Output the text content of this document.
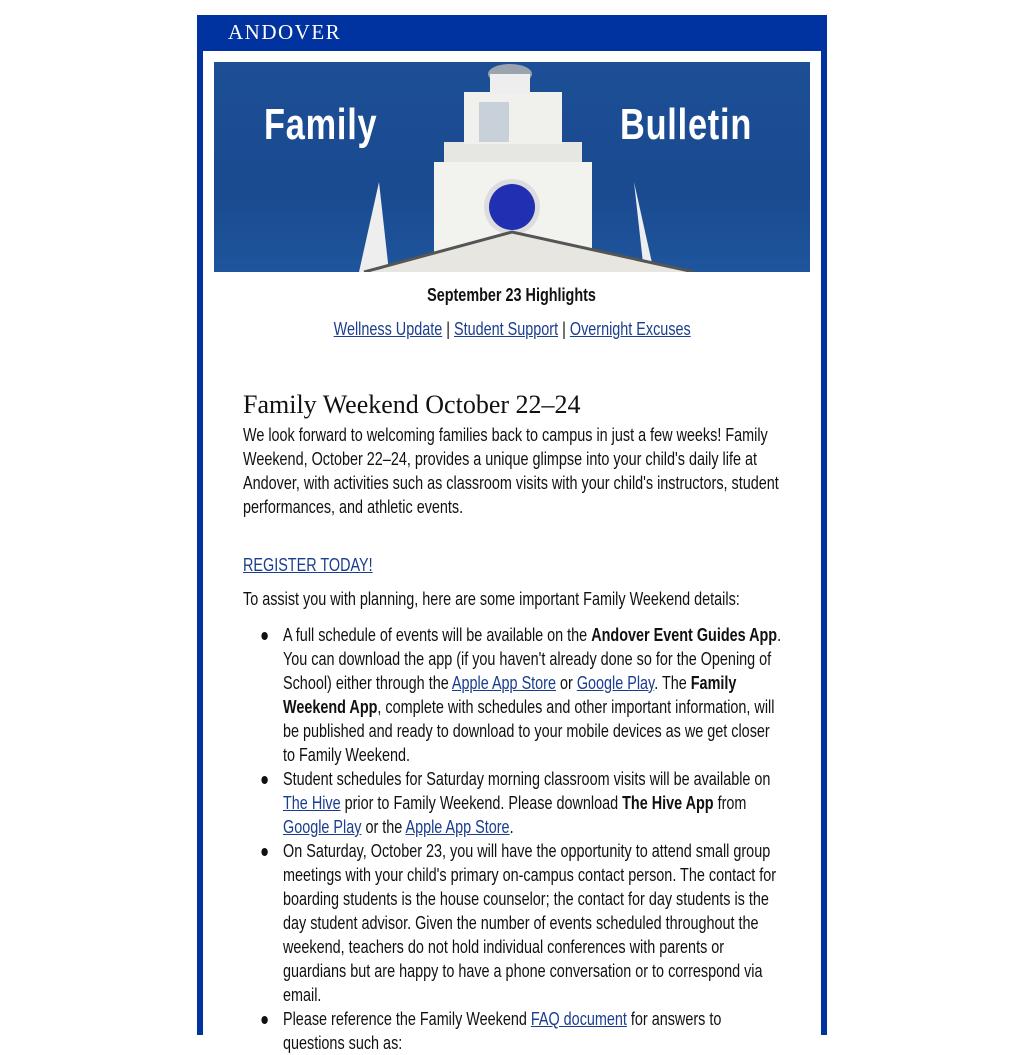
ANDOVER
Family	Bulletin
September 23 Highlights
Wellness Update | Student Support | Overnight Excuses
Family Weekend October 22–24

We look forward to welcoming families back to campus in just a few weeks! Family Weekend, October 22–24, provides a unique glimpse into your child's daily life at Andover, with activities such as classroom visits with your child's instructors, student performances, and athletic events.

REGISTER TODAY!

To assist you with planning, here are some important Family Weekend details:

A full schedule of events will be available on the Andover Event Guides App. You can download the app (if you haven't already done so for the Opening of School) either through the Apple App Store or Google Play. The Family Weekend App, complete with schedules and other important information, will be published and ready to download to your mobile devices as we get closer to Family Weekend.
Student schedules for Saturday morning classroom visits will be available on The Hive prior to Family Weekend. Please download The Hive App from Google Play or the Apple App Store.
On Saturday, October 23, you will have the opportunity to attend small group meetings with your child's primary on-campus contact person. The contact for boarding students is the house counselor; the contact for day students is the day student advisor. Given the number of events scheduled throughout the weekend, teachers do not hold individual conferences with parents or guardians but are happy to have a phone conversation or to correspond via email.
Please reference the Family Weekend FAQ document for answers to questions such as:
